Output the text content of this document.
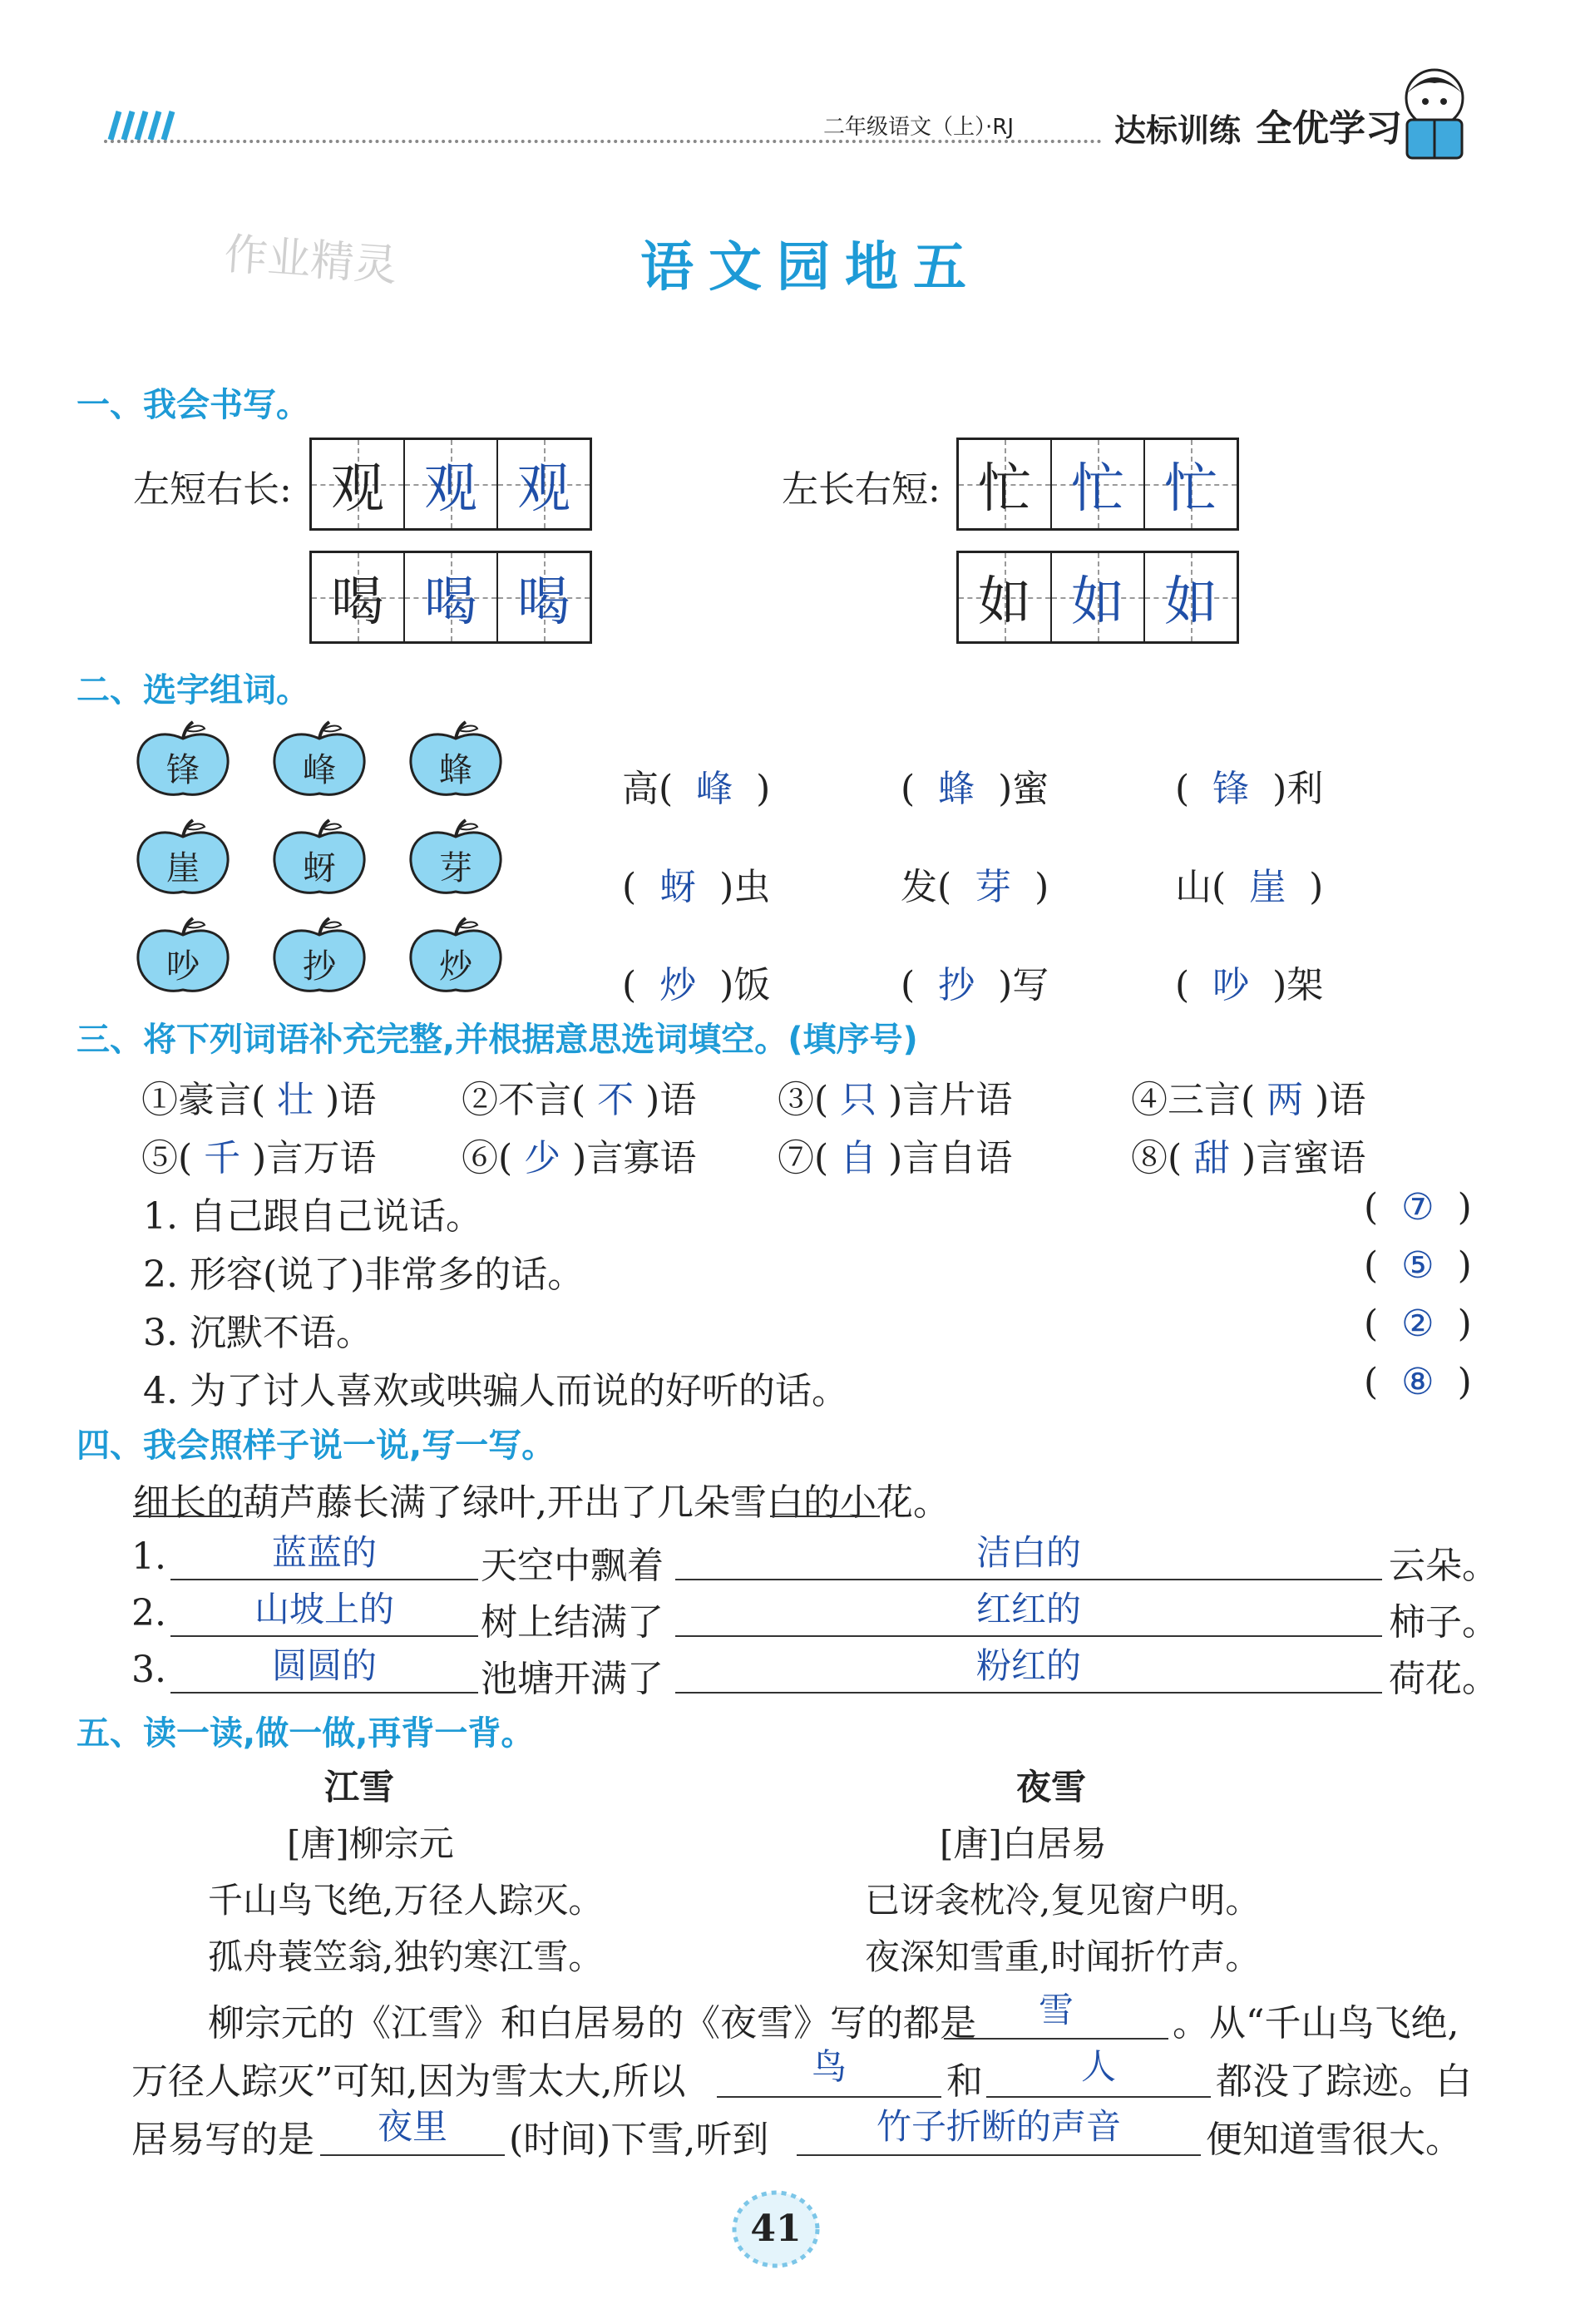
二年级语文（上）·RJ	达标训练 全优学习
作业精灵	语文园地五
一、我会书写。
左短右长:	左长右短:
观 观 观
喝 喝 喝
忙 忙 忙
如 如 如
二、选字组词。
锋	峰	蜂
崖	蚜	芽
吵	抄	炒
高( 峰 )	( 蜂 )蜜	( 锋 )利
( 蚜 )虫	发( 芽 )	山( 崖 )
( 炒 )饭	( 抄 )写	( 吵 )架
三、将下列词语补充完整,并根据意思选词填空。(填序号)
①豪言( 壮 )语 ②不言( 不 )语 ③( 只 )言片语	④三言( 两 )语
⑤( 千 )言万语 ⑥( 少 )言寡语 ⑦( 自 )言自语	⑧( 甜 )言蜜语
1. 自己跟自己说话。
2. 形容(说了)非常多的话。
3. 沉默不语。
4. 为了讨人喜欢或哄骗人而说的好听的话。
(  ⑦  )
(  ⑤  )
(  ②  )
(  ⑧  )
四、我会照样子说一说,写一写。
细长的葫芦藤长满了绿叶,开出了几朵雪白的小花。
1.	蓝蓝的	天空中飘着	洁白的	云朵。
2.	山坡上的	树上结满了	红红的	柿子。
3.	圆圆的	池塘开满了	粉红的	荷花。
五、读一读,做一做,再背一背。
江雪
[唐]柳宗元
千山鸟飞绝,万径人踪灭。
孤舟蓑笠翁,独钓寒江雪。
夜雪
[唐]白居易
已讶衾枕冷,复见窗户明。
夜深知雪重,时闻折竹声。
柳宗元的《江雪》和白居易的《夜雪》写的都是	雪	。从“千山鸟飞绝,
万径人踪灭”可知,因为雪太大,所以	鸟	和	人	都没了踪迹。白
居易写的是	夜里	(时间)下雪,听到	竹子折断的声音	便知道雪很大。
41
